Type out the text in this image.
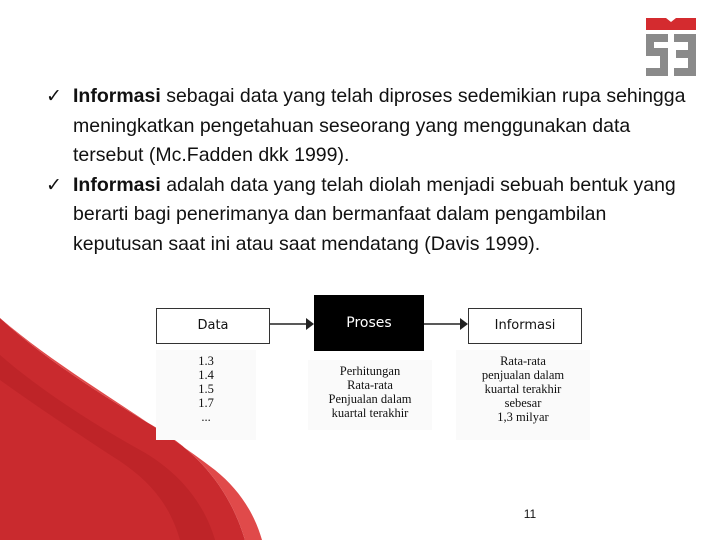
✓ Informasi sebagai data yang telah diproses sedemikian rupa sehingga meningkatkan pengetahuan seseorang yang menggunakan data tersebut (Mc.Fadden dkk 1999).
✓ Informasi adalah data yang telah diolah menjadi sebuah bentuk yang berarti bagi penerimanya dan bermanfaat dalam pengambilan keputusan saat ini atau saat mendatang (Davis 1999).
Data	Proses	Informasi
1.3
1.4
1.5
1.7
...
Perhitungan
Rata-rata
Penjualan dalam
kuartal terakhir
Rata-rata
penjualan dalam
kuartal terakhir
sebesar
1,3 milyar
11
